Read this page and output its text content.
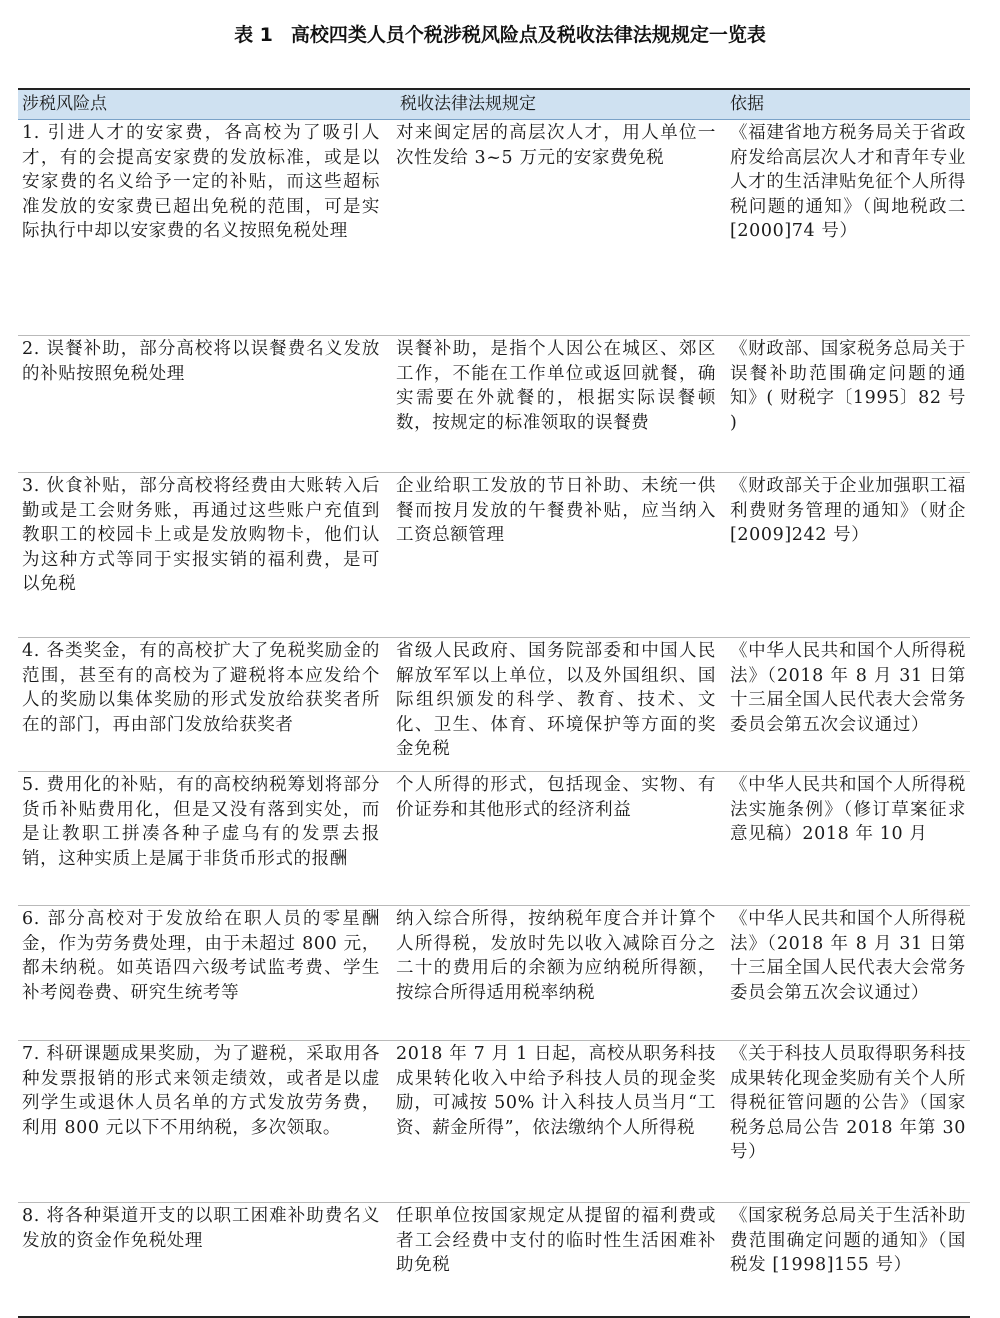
表 1 高校四类人员个税涉税风险点及税收法律法规规定一览表
涉税风险点	税收法律法规规定	依据
1. 引进人才的安家费，各高校为了吸引人才，有的会提高安家费的发放标准，或是以安家费的名义给予一定的补贴，而这些超标准发放的安家费已超出免税的范围，可是实际执行中却以安家费的名义按照免税处理
对来闽定居的高层次人才，用人单位一次性发给 3~5 万元的安家费免税
《福建省地方税务局关于省政府发给高层次人才和青年专业人才的生活津贴免征个人所得税问题的通知》（闽地税政二 [2000]74 号）
2. 误餐补助，部分高校将以误餐费名义发放的补贴按照免税处理
误餐补助，是指个人因公在城区、郊区工作，不能在工作单位或返回就餐，确实需要在外就餐的，根据实际误餐顿数，按规定的标准领取的误餐费
《财政部、国家税务总局关于误餐补助范围确定问题的通知》( 财税字〔1995〕82 号 )
3. 伙食补贴，部分高校将经费由大账转入后勤或是工会财务账，再通过这些账户充值到教职工的校园卡上或是发放购物卡，他们认为这种方式等同于实报实销的福利费，是可以免税
企业给职工发放的节日补助、未统一供餐而按月发放的午餐费补贴，应当纳入工资总额管理
《财政部关于企业加强职工福利费财务管理的通知》（财企 [2009]242 号）
4. 各类奖金，有的高校扩大了免税奖励金的范围，甚至有的高校为了避税将本应发给个人的奖励以集体奖励的形式发放给获奖者所在的部门，再由部门发放给获奖者
省级人民政府、国务院部委和中国人民解放军军以上单位，以及外国组织、国际组织颁发的科学、教育、技术、文化、卫生、体育、环境保护等方面的奖金免税
《中华人民共和国个人所得税法》（2018 年 8 月 31 日第十三届全国人民代表大会常务委员会第五次会议通过）
5. 费用化的补贴，有的高校纳税筹划将部分货币补贴费用化，但是又没有落到实处，而是让教职工拼凑各种子虚乌有的发票去报销，这种实质上是属于非货币形式的报酬
个人所得的形式，包括现金、实物、有价证券和其他形式的经济利益
《中华人民共和国个人所得税法实施条例》（修订草案征求意见稿）2018 年 10 月
6. 部分高校对于发放给在职人员的零星酬金，作为劳务费处理，由于未超过 800 元，都未纳税。如英语四六级考试监考费、学生补考阅卷费、研究生统考等
纳入综合所得，按纳税年度合并计算个人所得税，发放时先以收入减除百分之二十的费用后的余额为应纳税所得额，按综合所得适用税率纳税
《中华人民共和国个人所得税法》（2018 年 8 月 31 日第十三届全国人民代表大会常务委员会第五次会议通过）
7. 科研课题成果奖励，为了避税，采取用各种发票报销的形式来领走绩效，或者是以虚列学生或退休人员名单的方式发放劳务费，利用 800 元以下不用纳税，多次领取。
2018 年 7 月 1 日起，高校从职务科技成果转化收入中给予科技人员的现金奖励，可减按 50% 计入科技人员当月“工资、薪金所得”，依法缴纳个人所得税
《关于科技人员取得职务科技成果转化现金奖励有关个人所得税征管问题的公告》（国家税务总局公告 2018 年第 30 号）
8. 将各种渠道开支的以职工困难补助费名义发放的资金作免税处理
任职单位按国家规定从提留的福利费或者工会经费中支付的临时性生活困难补助免税
《国家税务总局关于生活补助费范围确定问题的通知》（国税发 [1998]155 号）
